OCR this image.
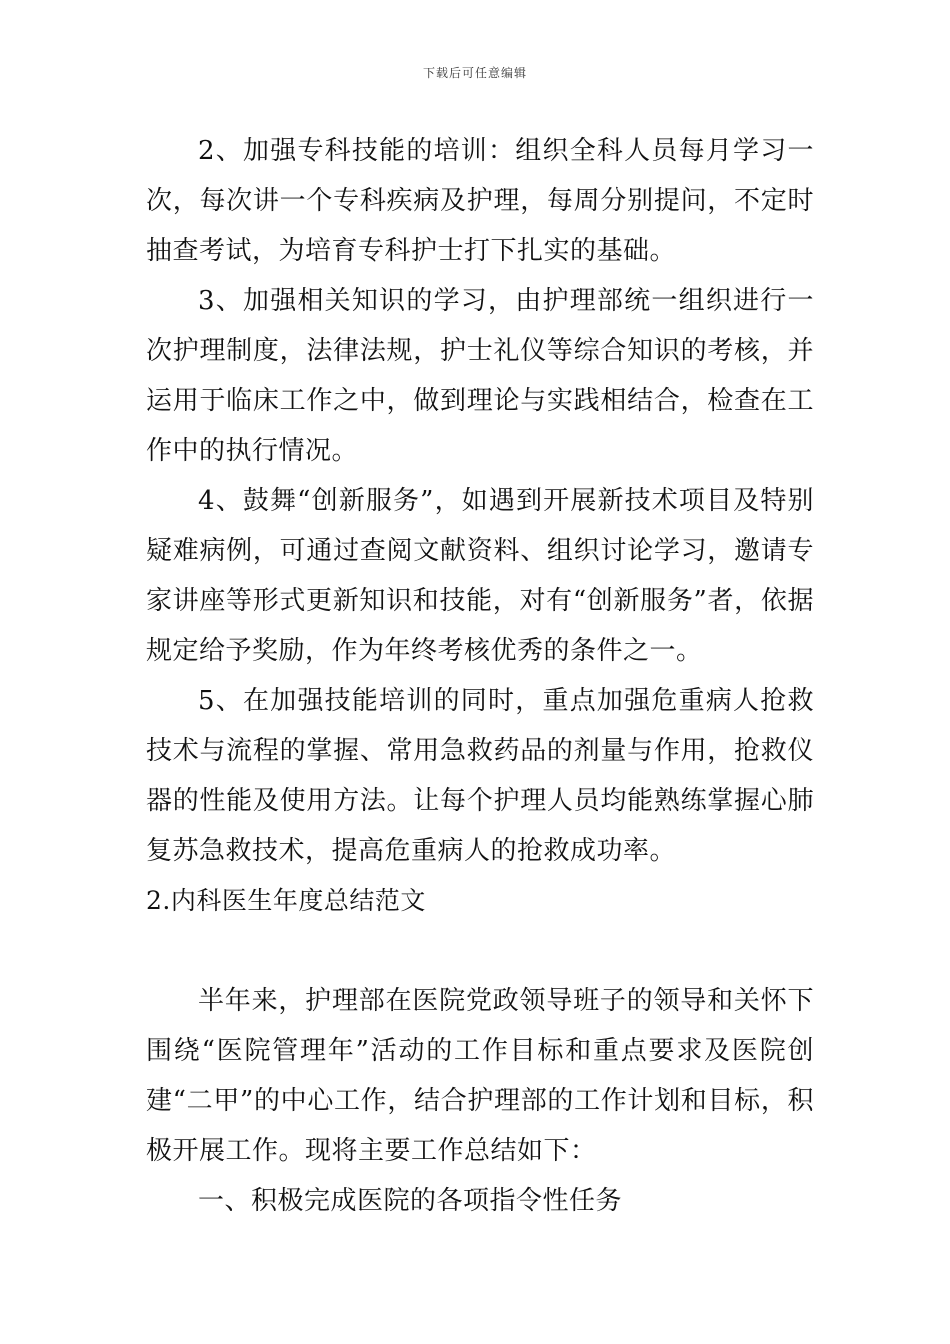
下载后可任意编辑

2、加强专科技能的培训：组织全科人员每月学习一次，每次讲一个专科疾病及护理，每周分别提问，不定时抽查考试，为培育专科护士打下扎实的基础。

3、加强相关知识的学习，由护理部统一组织进行一次护理制度，法律法规，护士礼仪等综合知识的考核，并运用于临床工作之中，做到理论与实践相结合，检查在工作中的执行情况。

4、鼓舞“创新服务”，如遇到开展新技术项目及特别疑难病例，可通过查阅文献资料、组织讨论学习，邀请专家讲座等形式更新知识和技能，对有“创新服务”者，依据规定给予奖励，作为年终考核优秀的条件之一。

5、在加强技能培训的同时，重点加强危重病人抢救技术与流程的掌握、常用急救药品的剂量与作用，抢救仪器的性能及使用方法。让每个护理人员均能熟练掌握心肺复苏急救技术，提高危重病人的抢救成功率。

2.内科医生年度总结范文

半年来，护理部在医院党政领导班子的领导和关怀下围绕“医院管理年”活动的工作目标和重点要求及医院创建“二甲”的中心工作，结合护理部的工作计划和目标，积极开展工作。现将主要工作总结如下：

一、积极完成医院的各项指令性任务
